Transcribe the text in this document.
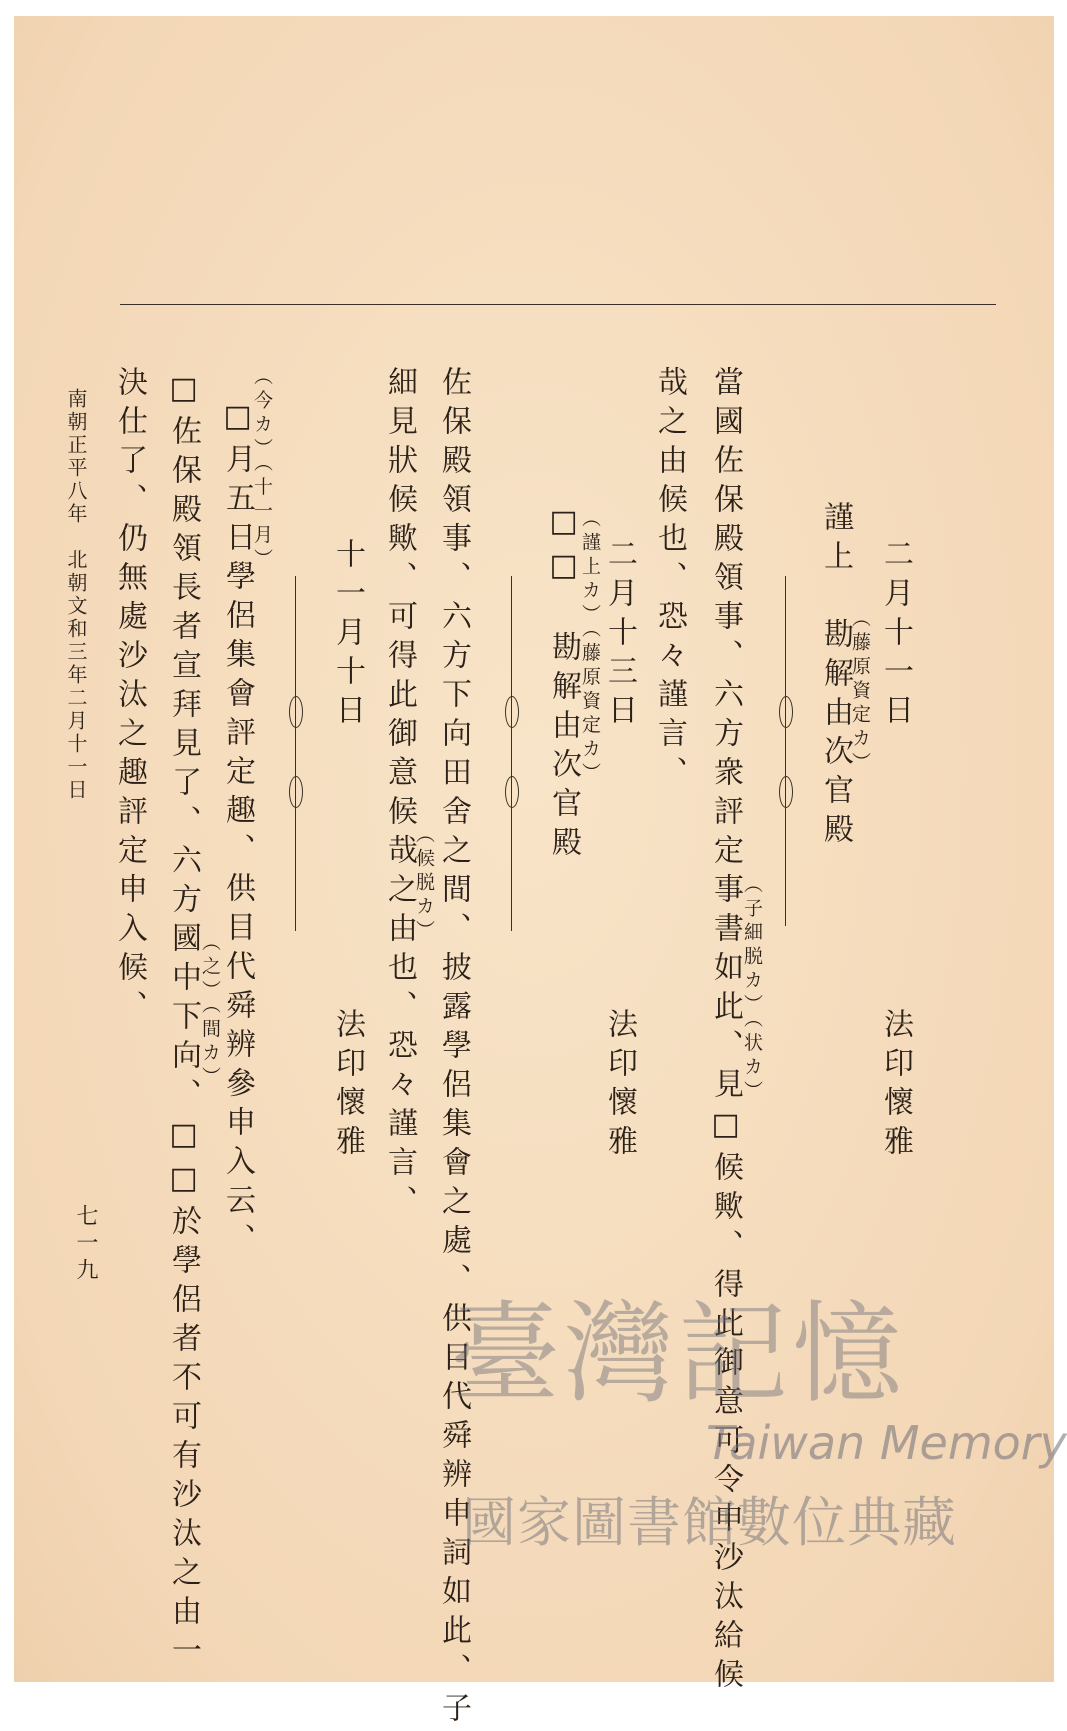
二月十一日
法印懷雅
謹上　勘解由次官殿
（藤原資定カ）
當國佐保殿領事、六方衆評定事書如此、見□候歟、得此御意可令申沙汰給候
（子細脱カ）（状カ）
哉之由候也、恐々謹言、
二月十三日
法印懷雅
□□　勘解由次官殿
（謹上カ）（藤原資定カ）
佐保殿領事、六方下向田舍之間、披露學侶集會之處、供目代舜辨申詞如此、子
細見狀候歟、可得此御意候哉之由也、恐々謹言、
（候脱カ）
十一月十日
法印懷雅
□月五日學侶集會評定趣、供目代舜辨參申入云、
（今カ）（十一月）
□佐保殿領長者宣拜見了、六方國中下向、□□於學侶者不可有沙汰之由一
（之）（間カ）
決仕了、仍無處沙汰之趣評定申入候、
南朝正平八年　北朝文和三年二月十一日
七一九
臺灣記憶
Taiwan Memory
國家圖書館數位典藏
